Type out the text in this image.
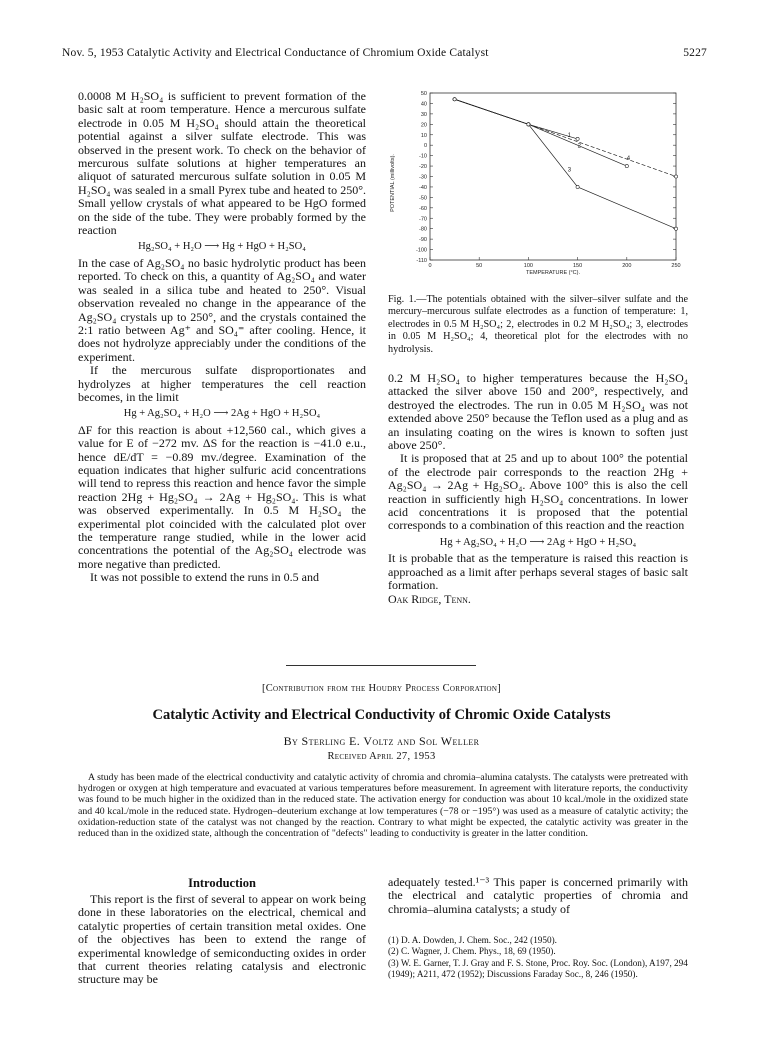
Nov. 5, 1953 Catalytic Activity and Electrical Conductance of Chromium Oxide Catalyst	5227

0.0008 M H₂SO₄ is sufficient to prevent formation of the basic salt at room temperature. Hence a mercurous sulfate electrode in 0.05 M H₂SO₄ should attain the theoretical potential against a silver sulfate electrode. This was observed in the present work. To check on the behavior of mercurous sulfate solutions at higher temperatures an aliquot of saturated mercurous sulfate solution in 0.05 M H₂SO₄ was sealed in a small Pyrex tube and heated to 250°. Small yellow crystals of what appeared to be HgO formed on the side of the tube. They were probably formed by the reaction

Hg₂SO₄ + H₂O ⟶ Hg + HgO + H₂SO₄

In the case of Ag₂SO₄ no basic hydrolytic product has been reported. To check on this, a quantity of Ag₂SO₄ and water was sealed in a silica tube and heated to 250°. Visual observation revealed no change in the appearance of the Ag₂SO₄ crystals up to 250°, and the crystals contained the 2:1 ratio between Ag⁺ and SO₄⁼ after cooling. Hence, it does not hydrolyze appreciably under the conditions of the experiment.

If the mercurous sulfate disproportionates and hydrolyzes at higher temperatures the cell reaction becomes, in the limit

Hg + Ag₂SO₄ + H₂O ⟶ 2Ag + HgO + H₂SO₄

ΔF for this reaction is about +12,560 cal., which gives a value for E of −272 mv. ΔS for the reaction is −41.0 e.u., hence dE/dT = −0.89 mv./degree. Examination of the equation indicates that higher sulfuric acid concentrations will tend to repress this reaction and hence favor the simple reaction 2Hg + Hg₂SO₄ → 2Ag + Hg₂SO₄. This is what was observed experimentally. In 0.5 M H₂SO₄ the experimental plot coincided with the calculated plot over the temperature range studied, while in the lower acid concentrations the potential of the Ag₂SO₄ electrode was more negative than predicted.

It was not possible to extend the runs in 0.5 and

50
40
30
20
10
0
-10
-20
-30
-40
-50
-60
-70
-80
-90
-100
-110
0	50	100	150	200	250
1
2
3
4
POTENTIAL (millivolts).
TEMPERATURE (°C).
Fig. 1.—The potentials obtained with the silver–silver sulfate and the mercury–mercurous sulfate electrodes as a function of temperature: 1, electrodes in 0.5 M H₂SO₄; 2, electrodes in 0.2 M H₂SO₄; 3, electrodes in 0.05 M H₂SO₄; 4, theoretical plot for the electrodes with no hydrolysis.

0.2 M H₂SO₄ to higher temperatures because the H₂SO₄ attacked the silver above 150 and 200°, respectively, and destroyed the electrodes. The run in 0.05 M H₂SO₄ was not extended above 250° because the Teflon used as a plug and as an insulating coating on the wires is known to soften just above 250°.

It is proposed that at 25 and up to about 100° the potential of the electrode pair corresponds to the reaction 2Hg + Ag₂SO₄ → 2Ag + Hg₂SO₄. Above 100° this is also the cell reaction in sufficiently high H₂SO₄ concentrations. In lower acid concentrations it is proposed that the potential corresponds to a combination of this reaction and the reaction

Hg + Ag₂SO₄ + H₂O ⟶ 2Ag + HgO + H₂SO₄

It is probable that as the temperature is raised this reaction is approached as a limit after perhaps several stages of basic salt formation.

Oak Ridge, Tenn.

[Contribution from the Houdry Process Corporation]
Catalytic Activity and Electrical Conductivity of Chromic Oxide Catalysts
By Sterling E. Voltz and Sol Weller
Received April 27, 1953
A study has been made of the electrical conductivity and catalytic activity of chromia and chromia–alumina catalysts. The catalysts were pretreated with hydrogen or oxygen at high temperature and evacuated at various temperatures before measurement. In agreement with literature reports, the conductivity was found to be much higher in the oxidized than in the reduced state. The activation energy for conduction was about 10 kcal./mole in the oxidized state and 40 kcal./mole in the reduced state. Hydrogen–deuterium exchange at low temperatures (−78 or −195°) was used as a measure of catalytic activity; the oxidation-reduction state of the catalyst was not changed by the reaction. Contrary to what might be expected, the catalytic activity was greater in the reduced than in the oxidized state, although the concentration of "defects" leading to conductivity is greater in the latter condition.
Introduction
This report is the first of several to appear on work being done in these laboratories on the electrical, chemical and catalytic properties of certain transition metal oxides. One of the objectives has been to extend the range of experimental knowledge of semiconducting oxides in order that current theories relating catalysis and electronic structure may be
adequately tested.¹⁻³ This paper is concerned primarily with the electrical and catalytic properties of chromia and chromia–alumina catalysts; a study of
(1) D. A. Dowden, J. Chem. Soc., 242 (1950).
(2) C. Wagner, J. Chem. Phys., 18, 69 (1950).
(3) W. E. Garner, T. J. Gray and F. S. Stone, Proc. Roy. Soc. (London), A197, 294 (1949); A211, 472 (1952); Discussions Faraday Soc., 8, 246 (1950).
